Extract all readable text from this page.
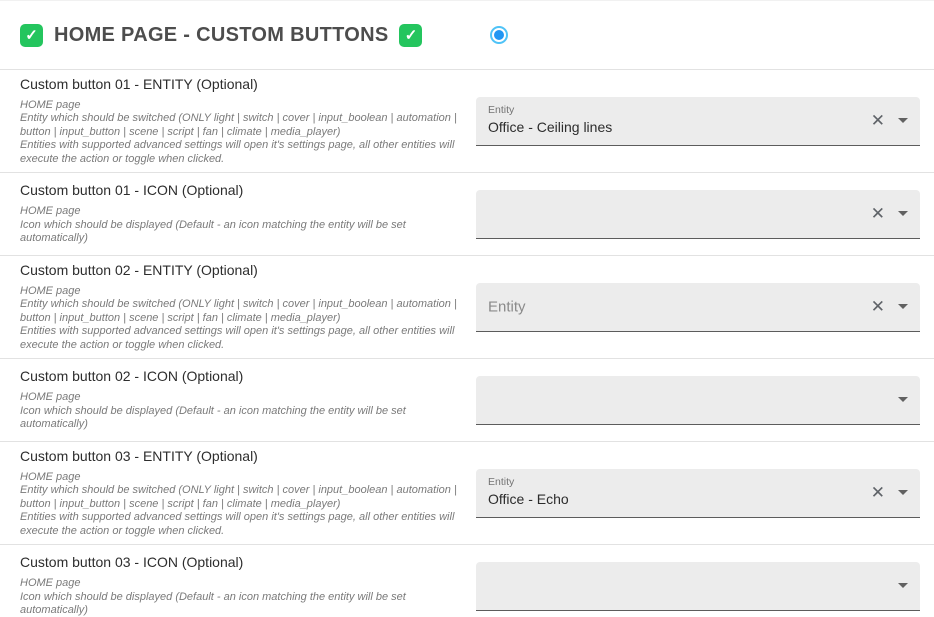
✓ HOME PAGE - CUSTOM BUTTONS ✓
Custom button 01 - ENTITY (Optional)
HOME page
Entity which should be switched (ONLY light | switch | cover | input_boolean | automation |
button | input_button | scene | script | fan | climate | media_player)
Entities with supported advanced settings will open it's settings page, all other entities will
execute the action or toggle when clicked.
Entity
Office - Ceiling lines	✕
Custom button 01 - ICON (Optional)
HOME page
Icon which should be displayed (Default - an icon matching the entity will be set
automatically)
✕
Custom button 02 - ENTITY (Optional)
HOME page
Entity which should be switched (ONLY light | switch | cover | input_boolean | automation |
button | input_button | scene | script | fan | climate | media_player)
Entities with supported advanced settings will open it's settings page, all other entities will
execute the action or toggle when clicked.
Entity	✕
Custom button 02 - ICON (Optional)
HOME page
Icon which should be displayed (Default - an icon matching the entity will be set
automatically)
Custom button 03 - ENTITY (Optional)
HOME page
Entity which should be switched (ONLY light | switch | cover | input_boolean | automation |
button | input_button | scene | script | fan | climate | media_player)
Entities with supported advanced settings will open it's settings page, all other entities will
execute the action or toggle when clicked.
Entity
Office - Echo	✕
Custom button 03 - ICON (Optional)
HOME page
Icon which should be displayed (Default - an icon matching the entity will be set
automatically)
